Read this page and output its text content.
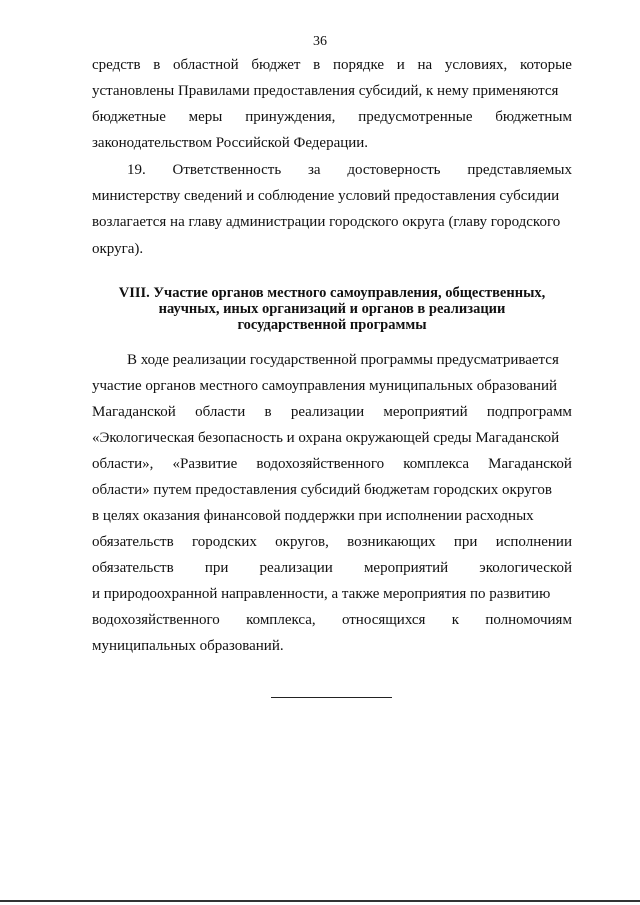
36
средств в областной бюджет в порядке и на условиях, которые
установлены Правилами предоставления субсидий, к нему применяются
бюджетные меры принуждения, предусмотренные бюджетным
законодательством Российской Федерации.
19. Ответственность за достоверность представляемых
министерству сведений и соблюдение условий предоставления субсидии
возлагается на главу администрации городского округа (главу городского
округа).
VIII. Участие органов местного самоуправления, общественных,
научных, иных организаций и органов в реализации
государственной программы
В ходе реализации государственной программы предусматривается
участие органов местного самоуправления муниципальных образований
Магаданской области в реализации мероприятий подпрограмм
«Экологическая безопасность и охрана окружающей среды Магаданской
области», «Развитие водохозяйственного комплекса Магаданской
области» путем предоставления субсидий бюджетам городских округов
в целях оказания финансовой поддержки при исполнении расходных
обязательств городских округов, возникающих при исполнении
обязательств при реализации мероприятий экологической
и природоохранной направленности, а также мероприятия по развитию
водохозяйственного комплекса, относящихся к полномочиям
муниципальных образований.
